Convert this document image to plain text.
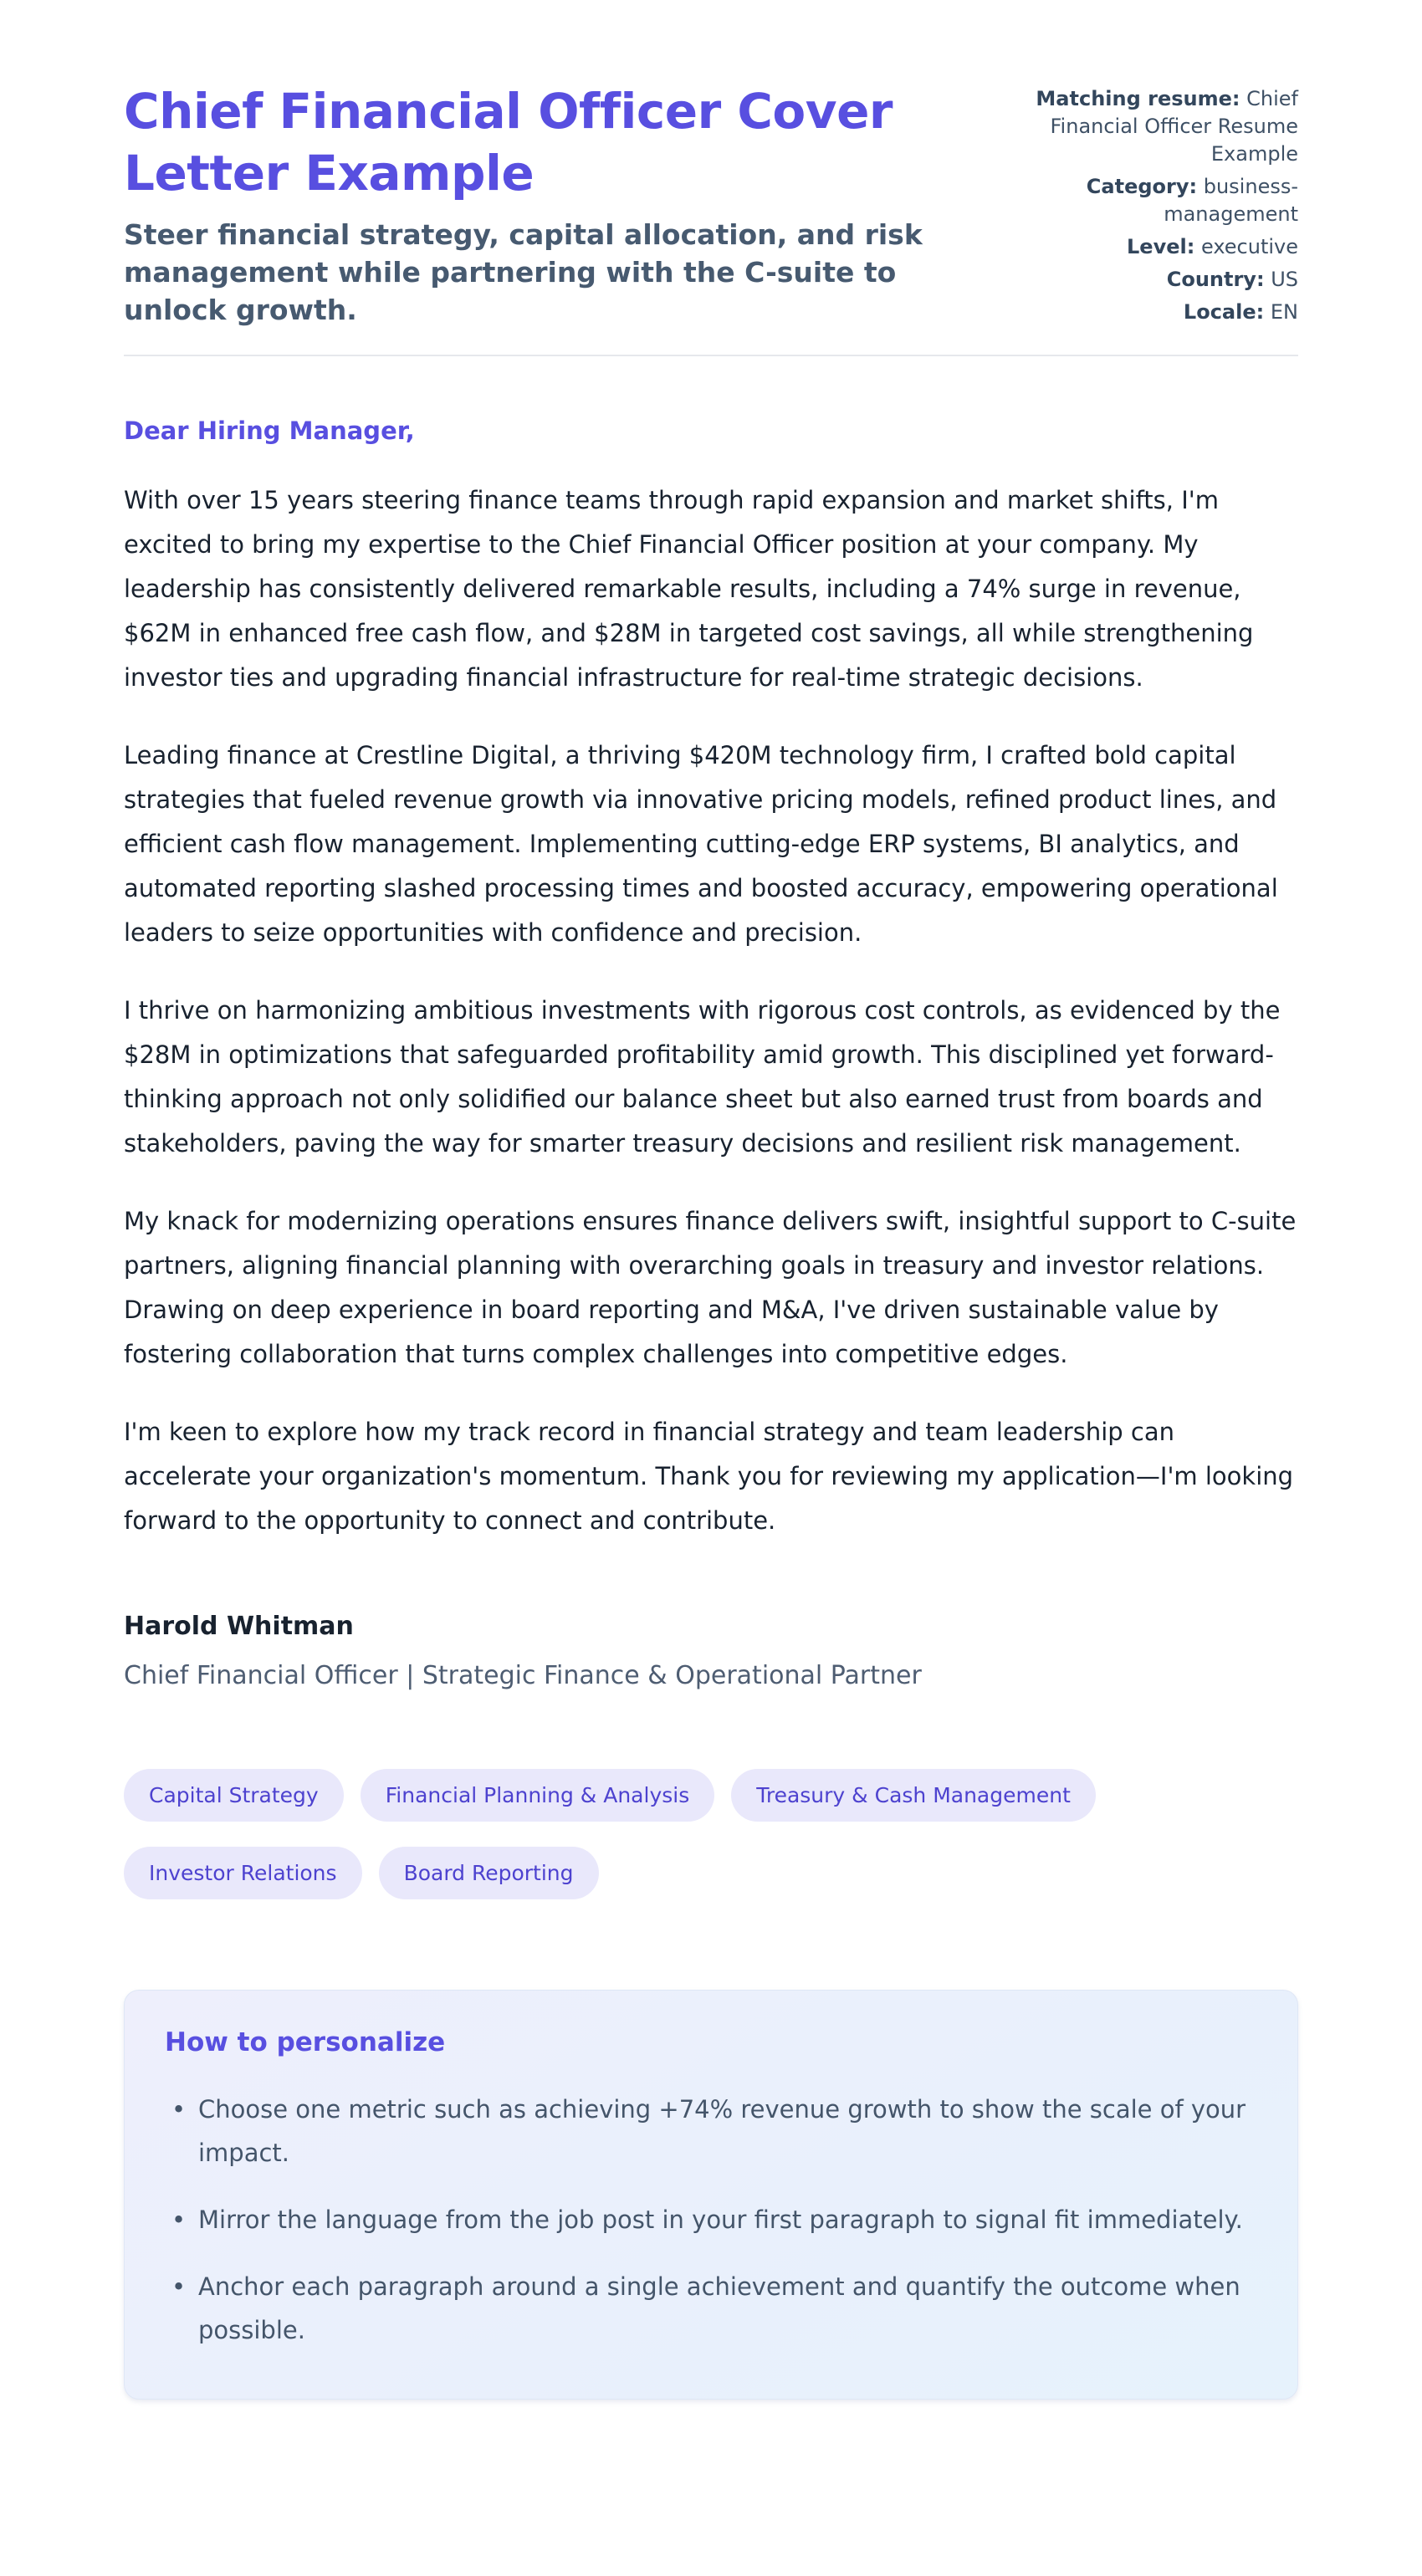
Chief Financial Officer Cover Letter Example

Steer financial strategy, capital allocation, and risk management while partnering with the C-suite to unlock growth.

Matching resume: Chief Financial Officer Resume Example
Category: business-management
Level: executive
Country: US
Locale: EN
Dear Hiring Manager,

With over 15 years steering finance teams through rapid expansion and market shifts, I'm excited to bring my expertise to the Chief Financial Officer position at your company. My leadership has consistently delivered remarkable results, including a 74% surge in revenue, $62M in enhanced free cash flow, and $28M in targeted cost savings, all while strengthening investor ties and upgrading financial infrastructure for real-time strategic decisions.

Leading finance at Crestline Digital, a thriving $420M technology firm, I crafted bold capital strategies that fueled revenue growth via innovative pricing models, refined product lines, and efficient cash flow management. Implementing cutting-edge ERP systems, BI analytics, and automated reporting slashed processing times and boosted accuracy, empowering operational leaders to seize opportunities with confidence and precision.

I thrive on harmonizing ambitious investments with rigorous cost controls, as evidenced by the $28M in optimizations that safeguarded profitability amid growth. This disciplined yet forward-thinking approach not only solidified our balance sheet but also earned trust from boards and stakeholders, paving the way for smarter treasury decisions and resilient risk management.

My knack for modernizing operations ensures finance delivers swift, insightful support to C-suite partners, aligning financial planning with overarching goals in treasury and investor relations. Drawing on deep experience in board reporting and M&A, I've driven sustainable value by fostering collaboration that turns complex challenges into competitive edges.

I'm keen to explore how my track record in financial strategy and team leadership can accelerate your organization's momentum. Thank you for reviewing my application—I'm looking forward to the opportunity to connect and contribute.

Harold Whitman
Chief Financial Officer | Strategic Finance & Operational Partner
Capital Strategy	Financial Planning & Analysis	Treasury & Cash Management
Investor Relations	Board Reporting
How to personalize
• Choose one metric such as achieving +74% revenue growth to show the scale of your impact.
• Mirror the language from the job post in your first paragraph to signal fit immediately.
• Anchor each paragraph around a single achievement and quantify the outcome when possible.
